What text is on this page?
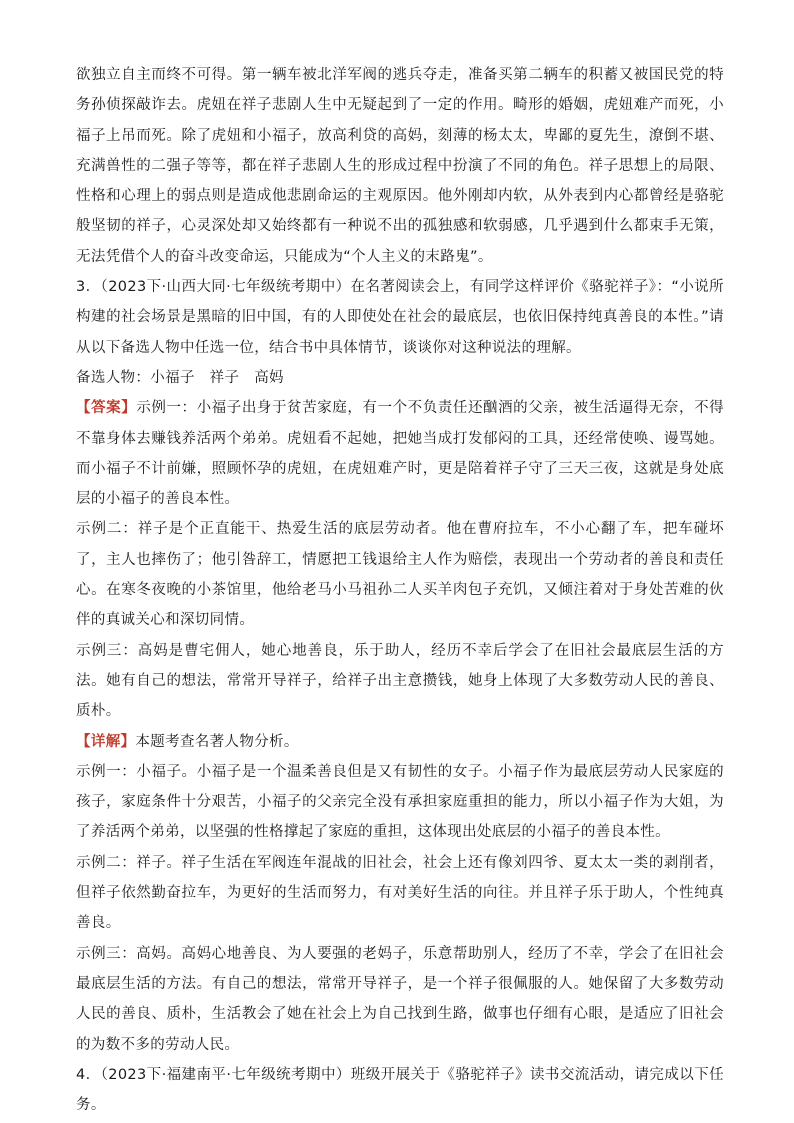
欲独立自主而终不可得。第一辆车被北洋军阀的逃兵夺走，准备买第二辆车的积蓄又被国民党的特务孙侦探敲诈去。虎妞在祥子悲剧人生中无疑起到了一定的作用。畸形的婚姻，虎妞难产而死，小福子上吊而死。除了虎妞和小福子，放高利贷的高妈，刻薄的杨太太，卑鄙的夏先生，潦倒不堪、充满兽性的二强子等等，都在祥子悲剧人生的形成过程中扮演了不同的角色。祥子思想上的局限、性格和心理上的弱点则是造成他悲剧命运的主观原因。他外刚却内软，从外表到内心都曾经是骆驼般坚韧的祥子，心灵深处却又始终都有一种说不出的孤独感和软弱感，几乎遇到什么都束手无策，无法凭借个人的奋斗改变命运，只能成为“个人主义的末路鬼”。

3．（2023下·山西大同·七年级统考期中）在名著阅读会上，有同学这样评价《骆驼祥子》：“小说所构建的社会场景是黑暗的旧中国，有的人即使处在社会的最底层，也依旧保持纯真善良的本性。”请从以下备选人物中任选一位，结合书中具体情节，谈谈你对这种说法的理解。

备选人物：小福子　祥子　高妈

【答案】示例一：小福子出身于贫苦家庭，有一个不负责任还酗酒的父亲，被生活逼得无奈，不得不靠身体去赚钱养活两个弟弟。虎妞看不起她，把她当成打发郁闷的工具，还经常使唤、谩骂她。而小福子不计前嫌，照顾怀孕的虎妞，在虎妞难产时，更是陪着祥子守了三天三夜，这就是身处底层的小福子的善良本性。

示例二：祥子是个正直能干、热爱生活的底层劳动者。他在曹府拉车，不小心翻了车，把车碰坏了，主人也摔伤了；他引咎辞工，情愿把工钱退给主人作为赔偿，表现出一个劳动者的善良和责任心。在寒冬夜晚的小茶馆里，他给老马小马祖孙二人买羊肉包子充饥，又倾注着对于身处苦难的伙伴的真诚关心和深切同情。

示例三：高妈是曹宅佣人，她心地善良，乐于助人，经历不幸后学会了在旧社会最底层生活的方法。她有自己的想法，常常开导祥子，给祥子出主意攒钱，她身上体现了大多数劳动人民的善良、质朴。

【详解】本题考查名著人物分析。

示例一：小福子。小福子是一个温柔善良但是又有韧性的女子。小福子作为最底层劳动人民家庭的孩子，家庭条件十分艰苦，小福子的父亲完全没有承担家庭重担的能力，所以小福子作为大姐，为了养活两个弟弟，以坚强的性格撑起了家庭的重担，这体现出处底层的小福子的善良本性。

示例二：祥子。祥子生活在军阀连年混战的旧社会，社会上还有像刘四爷、夏太太一类的剥削者，但祥子依然勤奋拉车，为更好的生活而努力，有对美好生活的向往。并且祥子乐于助人，个性纯真善良。

示例三：高妈。高妈心地善良、为人要强的老妈子，乐意帮助别人，经历了不幸，学会了在旧社会最底层生活的方法。有自己的想法，常常开导祥子，是一个祥子很佩服的人。她保留了大多数劳动人民的善良、质朴，生活教会了她在社会上为自己找到生路，做事也仔细有心眼，是适应了旧社会的为数不多的劳动人民。

4．（2023下·福建南平·七年级统考期中）班级开展关于《骆驼祥子》读书交流活动，请完成以下任务。
